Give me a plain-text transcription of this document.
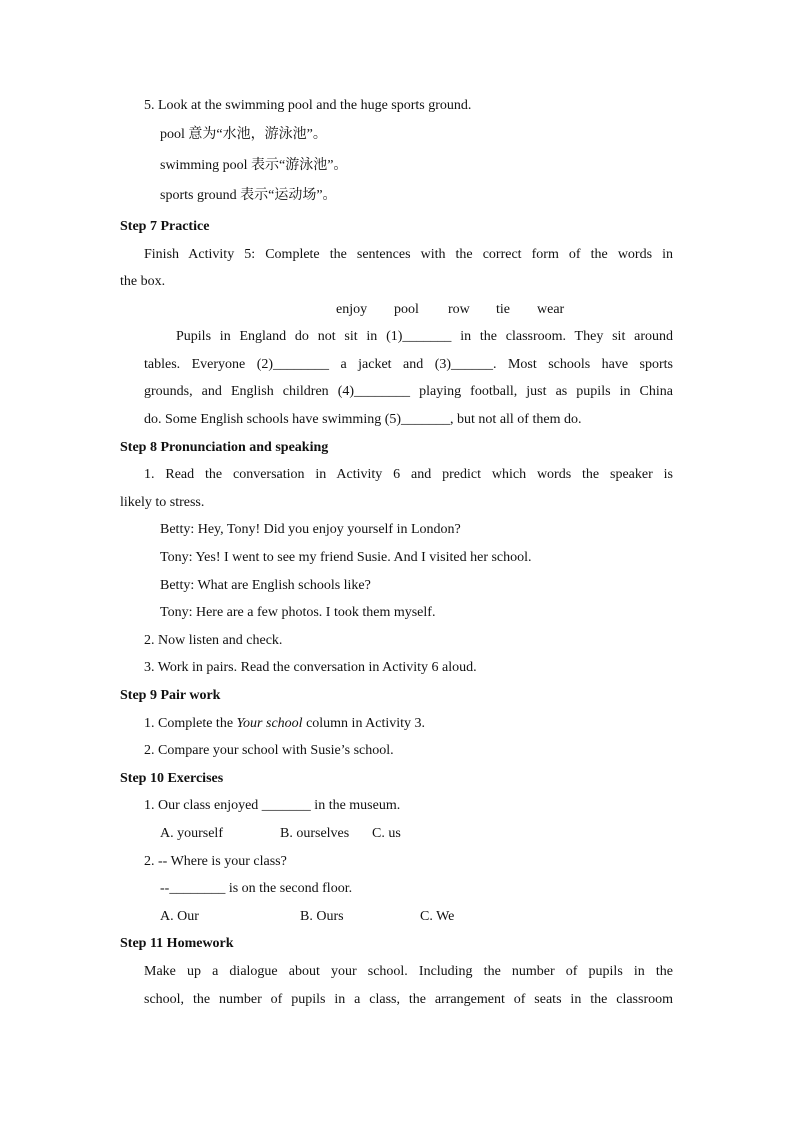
5. Look at the swimming pool and the huge sports ground.
pool 意为“水池，游泳池”。
swimming pool 表示“游泳池”。
sports ground 表示“运动场”。
Step 7 Practice
Finish Activity 5: Complete the sentences with the correct form of the words in
the box.
enjoy pool row tie wear
Pupils in England do not sit in (1)_______ in the classroom. They sit around
tables. Everyone (2)________ a jacket and (3)______. Most schools have sports
grounds, and English children (4)________ playing football, just as pupils in China
do. Some English schools have swimming (5)_______, but not all of them do.
Step 8 Pronunciation and speaking
1. Read the conversation in Activity 6 and predict which words the speaker is
likely to stress.
Betty: Hey, Tony! Did you enjoy yourself in London?
Tony: Yes! I went to see my friend Susie. And I visited her school.
Betty: What are English schools like?
Tony: Here are a few photos. I took them myself.
2. Now listen and check.
3. Work in pairs. Read the conversation in Activity 6 aloud.
Step 9 Pair work
1. Complete the Your school column in Activity 3.
2. Compare your school with Susie’s school.
Step 10 Exercises
1. Our class enjoyed _______ in the museum.
A. yourself	B. ourselves C. us
2. -- Where is your class?
--________ is on the second floor.
A. Our	B. Ours	C. We
Step 11 Homework
Make up a dialogue about your school. Including the number of pupils in the
school, the number of pupils in a class, the arrangement of seats in the classroom
